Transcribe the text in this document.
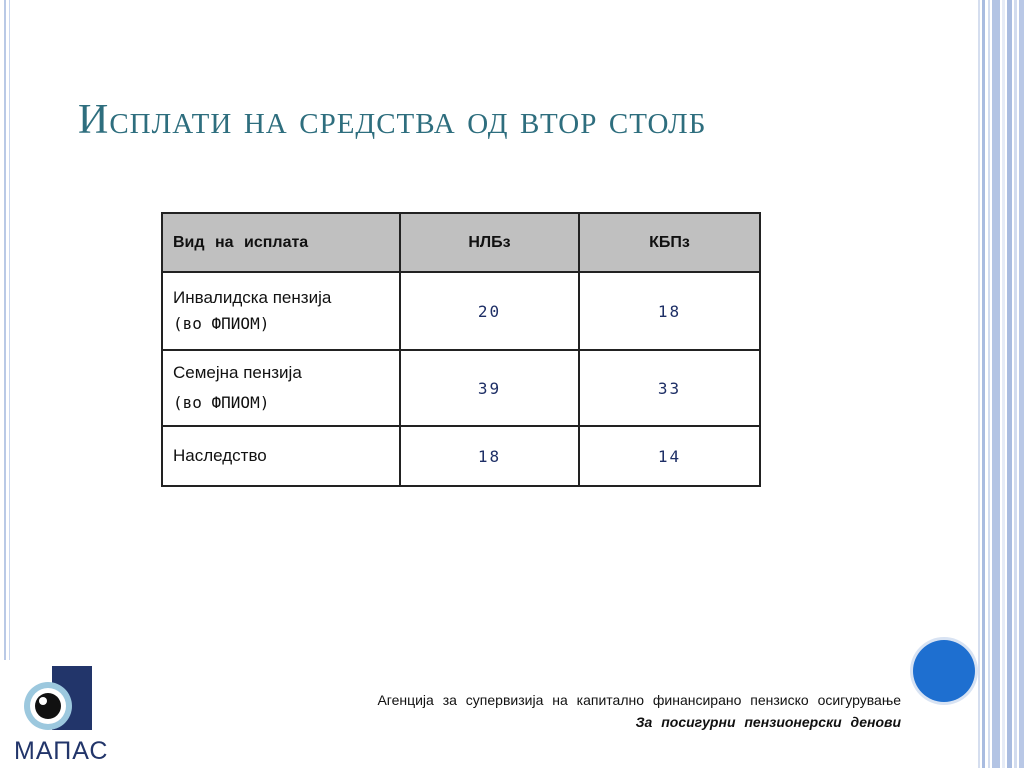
Исплати на средства од втор столб
Вид на исплата	НЛБз	КБПз

Инвалидска пензија
(во ФПИОМ)	20	18

Семејна пензија
(во ФПИОМ)	39	33

Наследство	18	14
МАПАС
Агенција за супервизија на капитално финансирано пензиско осигурување
За посигурни пензионерски денови
